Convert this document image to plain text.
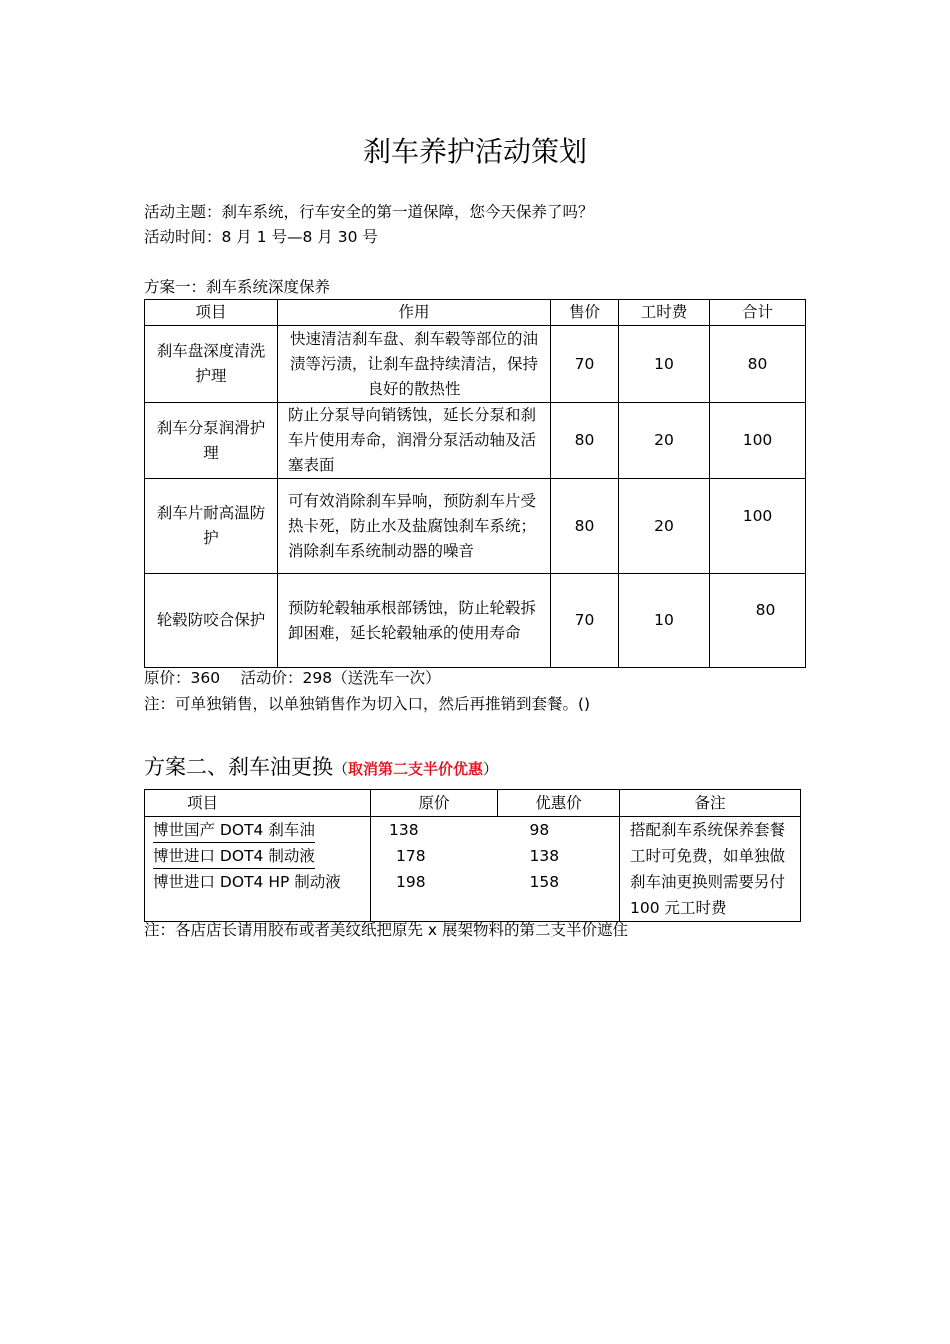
刹车养护活动策划
活动主题：刹车系统，行车安全的第一道保障，您今天保养了吗？
活动时间：8 月 1 号—8 月 30 号
方案一：刹车系统深度保养
项目	作用	售价	工时费	合计
刹车盘深度清洗护理	快速清洁刹车盘、刹车毂等部位的油渍等污渍，让刹车盘持续清洁，保持良好的散热性	70	10	80
刹车分泵润滑护理	防止分泵导向销锈蚀，延长分泵和刹车片使用寿命，润滑分泵活动轴及活塞表面	80	20	100
刹车片耐高温防护	可有效消除刹车异响，预防刹车片受热卡死，防止水及盐腐蚀刹车系统；消除刹车系统制动器的噪音	80	20	100
轮毂防咬合保护	预防轮毂轴承根部锈蚀，防止轮毂拆卸困难，延长轮毂轴承的使用寿命	70	10	80
原价：360　 活动价：298（送洗车一次）
注：可单独销售，以单独销售作为切入口，然后再推销到套餐。()
方案二、刹车油更换（取消第二支半价优惠）
项目	原价	优惠价	备注
博世国产 DOT4 刹车油	138	98	搭配刹车系统保养套餐工时可免费，如单独做刹车油更换则需要另付 100 元工时费
博世进口 DOT4 制动液	178	138	
博世进口 DOT4 HP 制动液	198	158	

注：各店店长请用胶布或者美纹纸把原先 x 展架物料的第二支半价遮住
